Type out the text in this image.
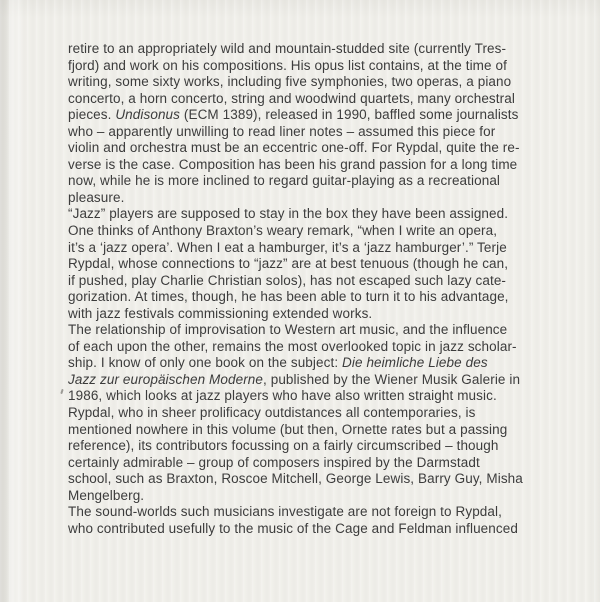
retire to an appropriately wild and mountain-studded site (currently Tres-
fjord) and work on his compositions. His opus list contains, at the time of
writing, some sixty works, including five symphonies, two operas, a piano
concerto, a horn concerto, string and woodwind quartets, many orchestral
pieces. Undisonus (ECM 1389), released in 1990, baffled some journalists
who – apparently unwilling to read liner notes – assumed this piece for
violin and orchestra must be an eccentric one-off. For Rypdal, quite the re-
verse is the case. Composition has been his grand passion for a long time
now, while he is more inclined to regard guitar-playing as a recreational
pleasure.
“Jazz” players are supposed to stay in the box they have been assigned.
One thinks of Anthony Braxton’s weary remark, “when I write an opera,
it’s a ‘jazz opera’. When I eat a hamburger, it’s a ‘jazz hamburger’.” Terje
Rypdal, whose connections to “jazz” are at best tenuous (though he can,
if pushed, play Charlie Christian solos), has not escaped such lazy cate-
gorization. At times, though, he has been able to turn it to his advantage,
with jazz festivals commissioning extended works.
The relationship of improvisation to Western art music, and the influence
of each upon the other, remains the most overlooked topic in jazz scholar-
ship. I know of only one book on the subject: Die heimliche Liebe des
Jazz zur europäischen Moderne, published by the Wiener Musik Galerie in
1986, which looks at jazz players who have also written straight music.
Rypdal, who in sheer prolificacy outdistances all contemporaries, is
mentioned nowhere in this volume (but then, Ornette rates but a passing
reference), its contributors focussing on a fairly circumscribed – though
certainly admirable – group of composers inspired by the Darmstadt
school, such as Braxton, Roscoe Mitchell, George Lewis, Barry Guy, Misha
Mengelberg.
The sound-worlds such musicians investigate are not foreign to Rypdal,
who contributed usefully to the music of the Cage and Feldman influenced
